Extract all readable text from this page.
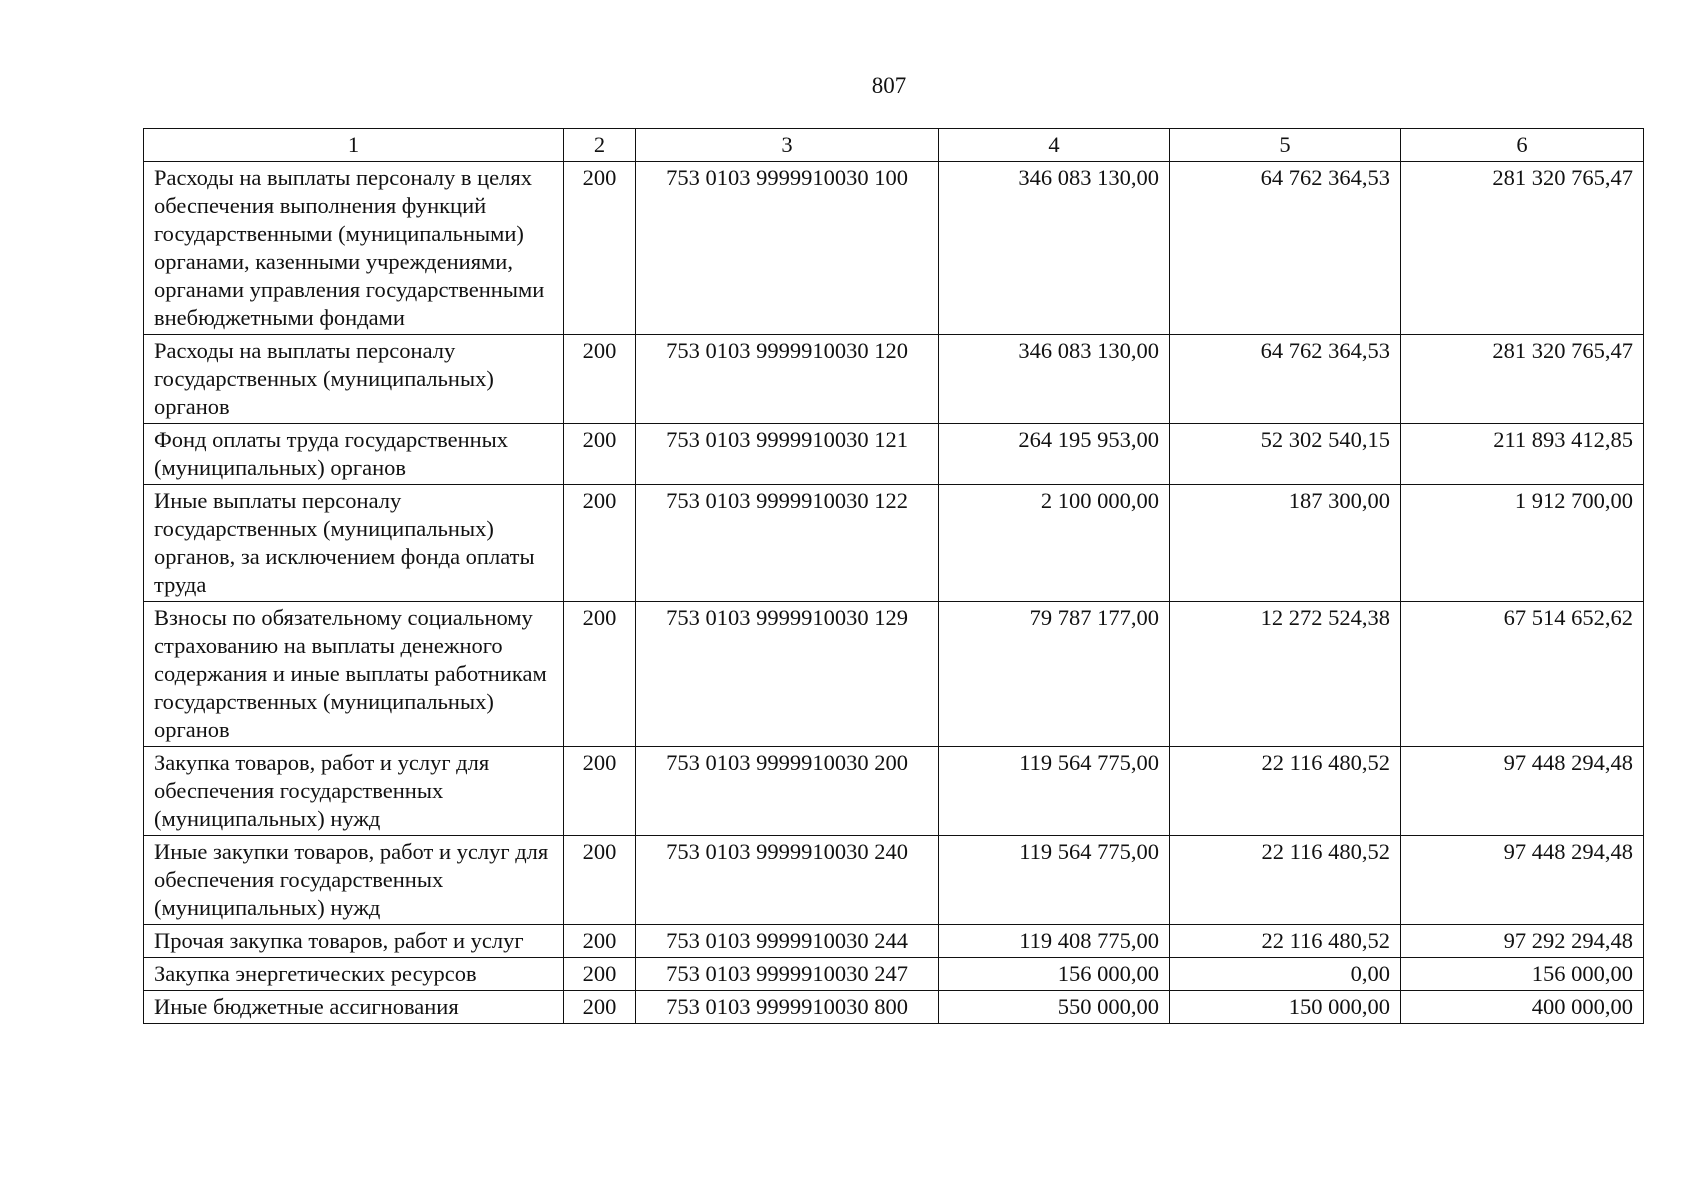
807
1	2	3	4	5	6
Расходы на выплаты персоналу в целях обеспечения выполнения функций государственными (муниципальными) органами, казенными учреждениями, органами управления государственными внебюджетными фондами	200	753 0103 9999910030 100	346 083 130,00	64 762 364,53	281 320 765,47
Расходы на выплаты персоналу государственных (муниципальных) органов	200	753 0103 9999910030 120	346 083 130,00	64 762 364,53	281 320 765,47
Фонд оплаты труда государственных (муниципальных) органов	200	753 0103 9999910030 121	264 195 953,00	52 302 540,15	211 893 412,85
Иные выплаты персоналу государственных (муниципальных) органов, за исключением фонда оплаты труда	200	753 0103 9999910030 122	2 100 000,00	187 300,00	1 912 700,00
Взносы по обязательному социальному страхованию на выплаты денежного содержания и иные выплаты работникам государственных (муниципальных) органов	200	753 0103 9999910030 129	79 787 177,00	12 272 524,38	67 514 652,62
Закупка товаров, работ и услуг для обеспечения государственных (муниципальных) нужд	200	753 0103 9999910030 200	119 564 775,00	22 116 480,52	97 448 294,48
Иные закупки товаров, работ и услуг для обеспечения государственных (муниципальных) нужд	200	753 0103 9999910030 240	119 564 775,00	22 116 480,52	97 448 294,48
Прочая закупка товаров, работ и услуг	200	753 0103 9999910030 244	119 408 775,00	22 116 480,52	97 292 294,48
Закупка энергетических ресурсов	200	753 0103 9999910030 247	156 000,00	0,00	156 000,00
Иные бюджетные ассигнования	200	753 0103 9999910030 800	550 000,00	150 000,00	400 000,00
